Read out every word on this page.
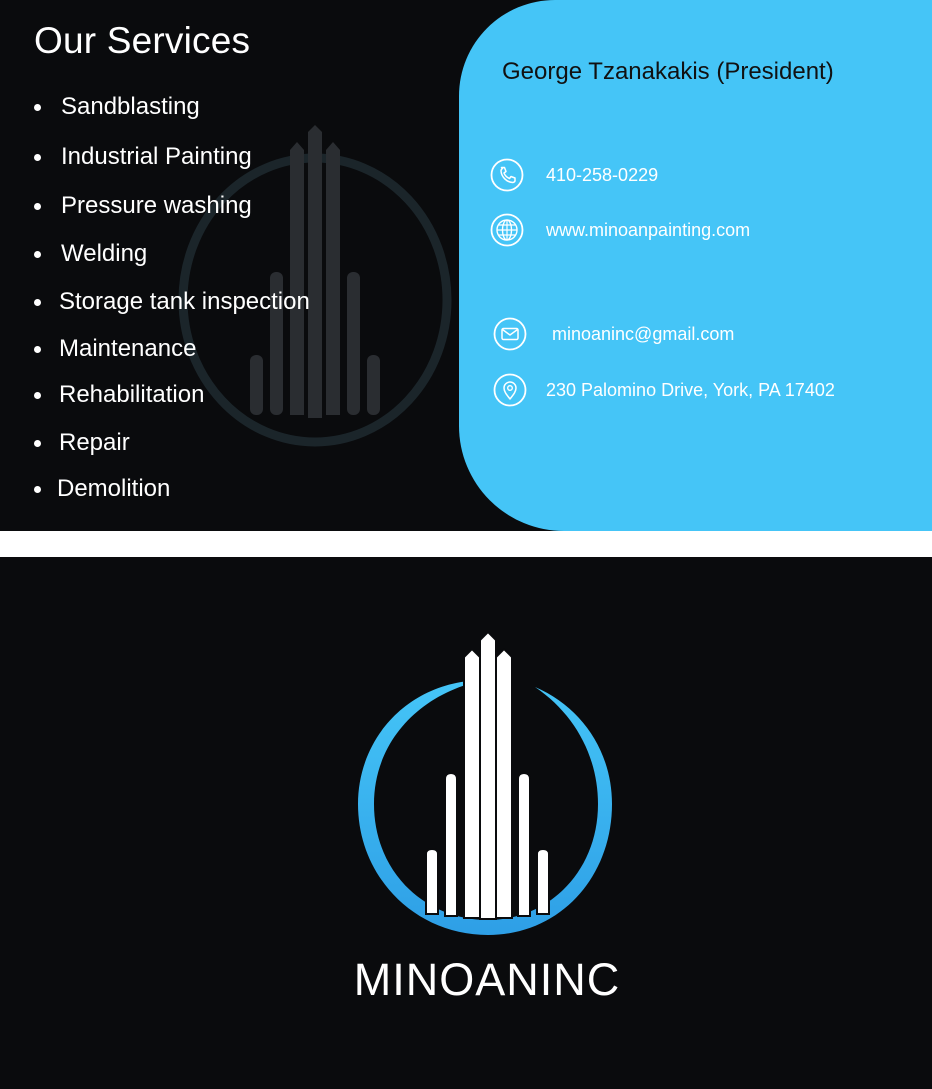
Our Services
Sandblasting
Industrial Painting
Pressure washing
Welding
Storage tank inspection
Maintenance
Rehabilitation
Repair
Demolition
George Tzanakakis (President)
410-258-0229
www.minoanpainting.com
minoaninc@gmail.com
230 Palomino Drive, York, PA 17402
MINOANINC
